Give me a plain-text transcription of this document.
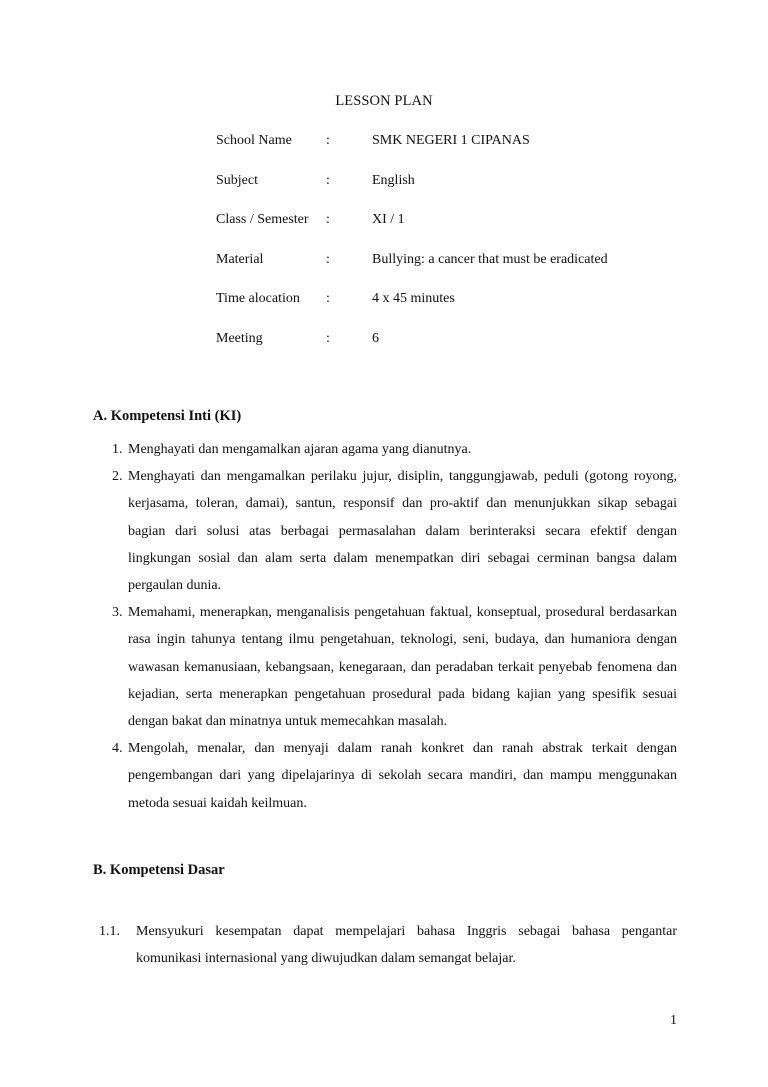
LESSON PLAN
School Name :	SMK NEGERI 1 CIPANAS
Subject	:	English
Class / Semester :	XI / 1
Material	:	Bullying: a cancer that must be eradicated
Time alocation :	4 x 45 minutes
Meeting	:	6
A. Kompetensi Inti (KI)
1. Menghayati dan mengamalkan ajaran agama yang dianutnya.
2. Menghayati dan mengamalkan perilaku jujur, disiplin, tanggungjawab, peduli (gotong royong, kerjasama, toleran, damai), santun, responsif dan pro-aktif dan menunjukkan sikap sebagai bagian dari solusi atas berbagai permasalahan dalam berinteraksi secara efektif dengan lingkungan sosial dan alam serta dalam menempatkan diri sebagai cerminan bangsa dalam pergaulan dunia.
3. Memahami, menerapkan, menganalisis pengetahuan faktual, konseptual, prosedural berdasarkan rasa ingin tahunya tentang ilmu pengetahuan, teknologi, seni, budaya, dan humaniora dengan wawasan kemanusiaan, kebangsaan, kenegaraan, dan peradaban terkait penyebab fenomena dan kejadian, serta menerapkan pengetahuan prosedural pada bidang kajian yang spesifik sesuai dengan bakat dan minatnya untuk memecahkan masalah.
4. Mengolah, menalar, dan menyaji dalam ranah konkret dan ranah abstrak terkait dengan pengembangan dari yang dipelajarinya di sekolah secara mandiri, dan mampu menggunakan metoda sesuai kaidah keilmuan.
B. Kompetensi Dasar
1.1. Mensyukuri kesempatan dapat mempelajari bahasa Inggris sebagai bahasa pengantar komunikasi internasional yang diwujudkan dalam semangat belajar.
1
